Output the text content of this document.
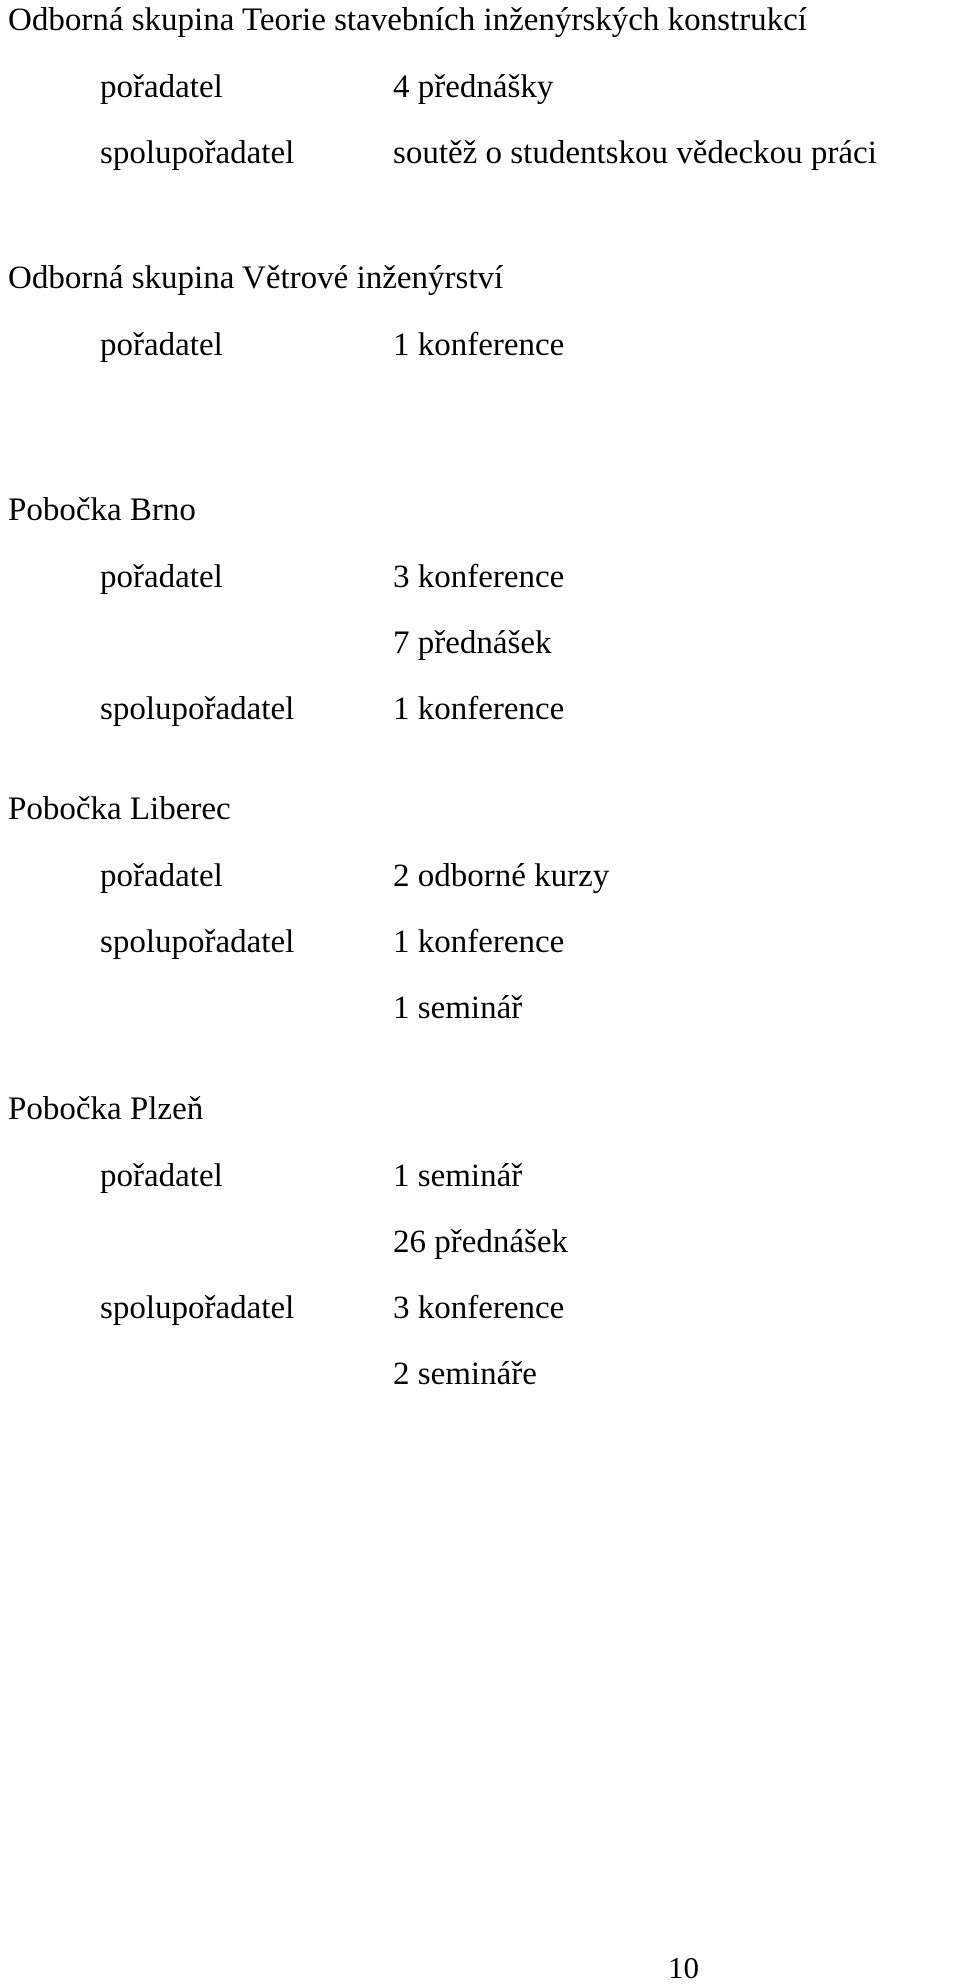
Odborná skupina Teorie stavebních inženýrských konstrukcí
pořadatel	4 přednášky
spolupořadatel	soutěž o studentskou vědeckou práci
Odborná skupina Větrové inženýrství
pořadatel	1 konference
Pobočka Brno
pořadatel	3 konference
7 přednášek
spolupořadatel	1 konference
Pobočka Liberec
pořadatel	2 odborné kurzy
spolupořadatel	1 konference
1 seminář
Pobočka Plzeň
pořadatel	1 seminář
26 přednášek
spolupořadatel	3 konference
2 semináře
10
